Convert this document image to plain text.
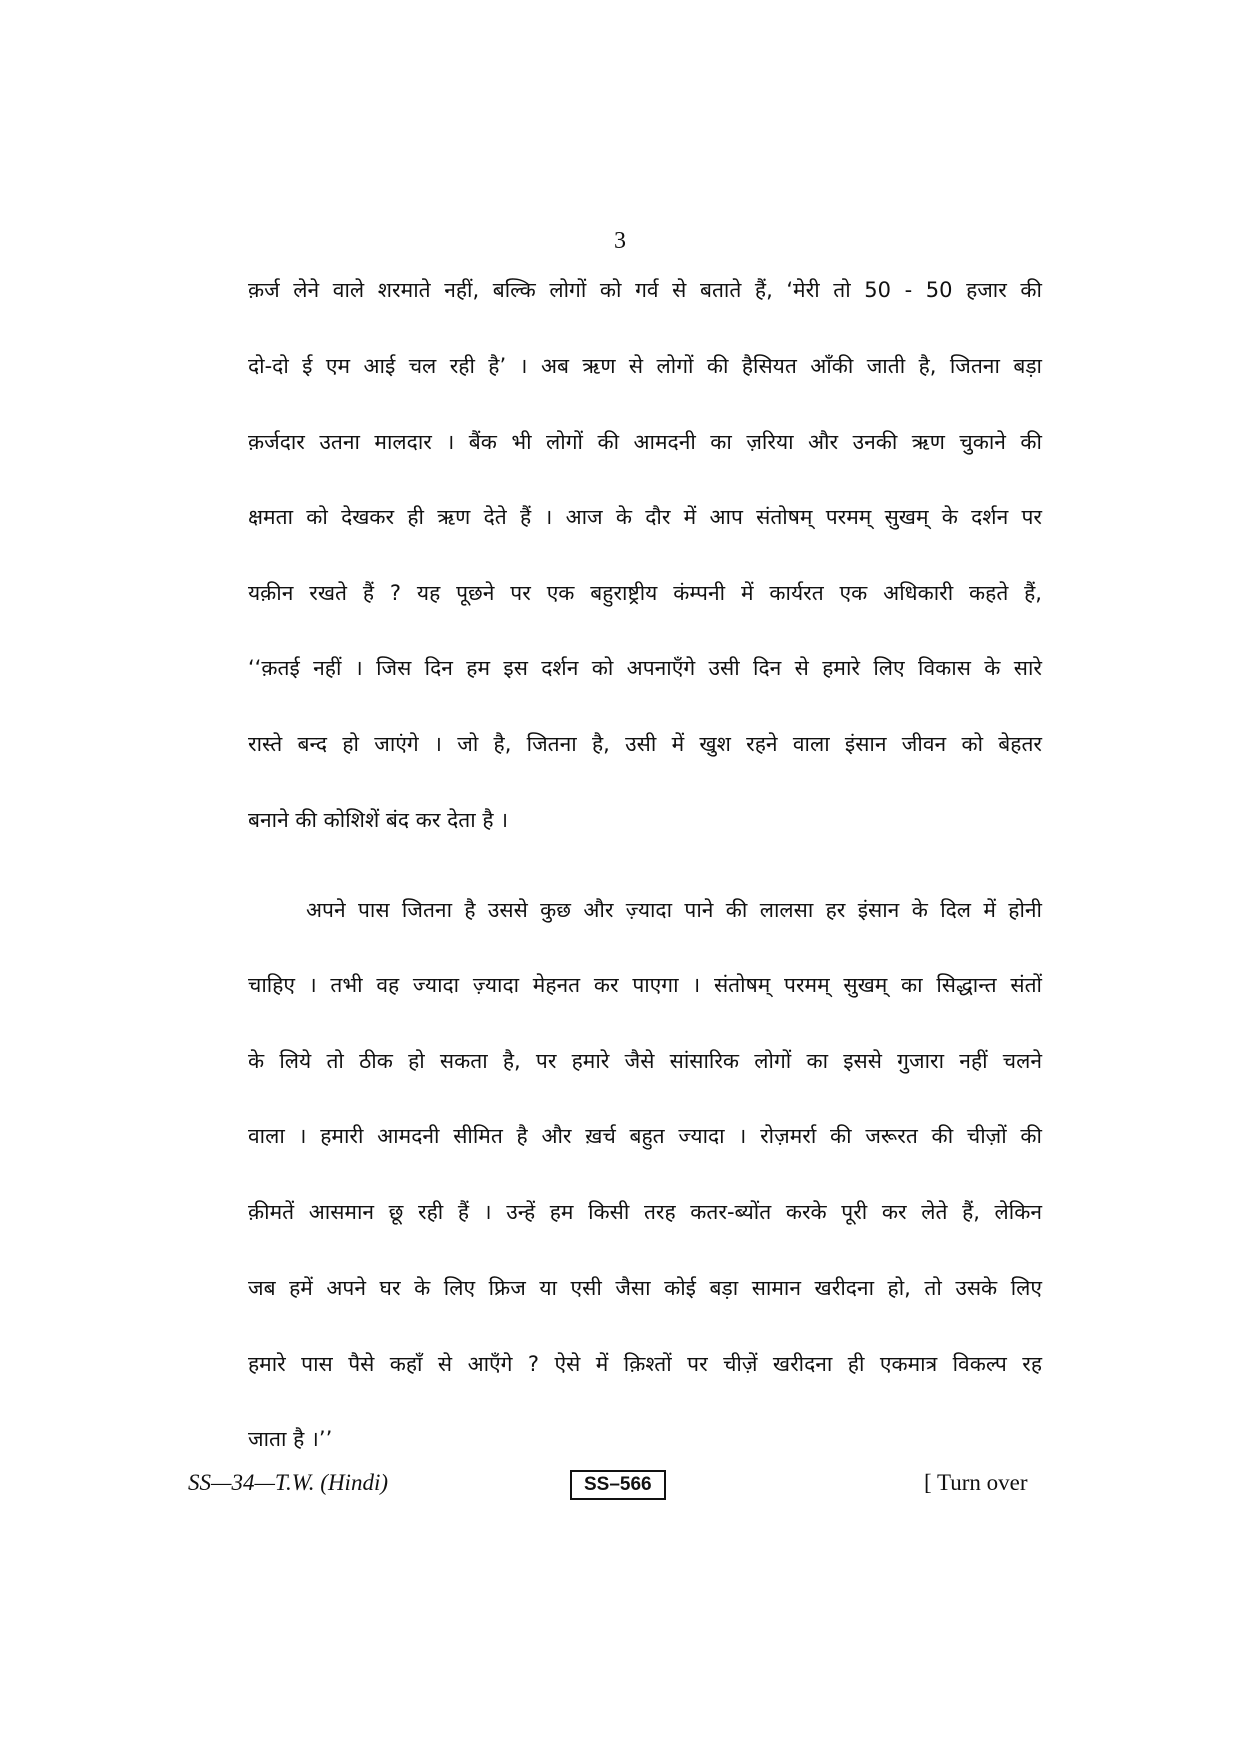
3
क़र्ज लेने वाले शरमाते नहीं, बल्कि लोगों को गर्व से बताते हैं, ‘मेरी तो 50 - 50 हजार की
दो-दो ई एम आई चल रही है’ । अब ऋण से लोगों की हैसियत आँकी जाती है, जितना बड़ा
क़र्जदार उतना मालदार । बैंक भी लोगों की आमदनी का ज़रिया और उनकी ऋण चुकाने की
क्षमता को देखकर ही ऋण देते हैं । आज के दौर में आप संतोषम् परमम् सुखम् के दर्शन पर
यक़ीन रखते हैं ? यह पूछने पर एक बहुराष्ट्रीय कंम्पनी में कार्यरत एक अधिकारी कहते हैं,
‘‘क़तई नहीं । जिस दिन हम इस दर्शन को अपनाएँगे उसी दिन से हमारे लिए विकास के सारे
रास्ते बन्द हो जाएंगे । जो है, जितना है, उसी में खुश रहने वाला इंसान जीवन को बेहतर
बनाने की कोशिशें बंद कर देता है ।
अपने पास जितना है उससे कुछ और ज़्यादा पाने की लालसा हर इंसान के दिल में होनी
चाहिए । तभी वह ज्यादा ज़्यादा मेहनत कर पाएगा । संतोषम् परमम् सुखम् का सिद्धान्त संतों
के लिये तो ठीक हो सकता है, पर हमारे जैसे सांसारिक लोगों का इससे गुजारा नहीं चलने
वाला । हमारी आमदनी सीमित है और ख़र्च बहुत ज्यादा । रोज़मर्रा की जरूरत की चीज़ों की
क़ीमतें आसमान छू रही हैं । उन्हें हम किसी तरह कतर-ब्योंत करके पूरी कर लेते हैं, लेकिन
जब हमें अपने घर के लिए फ्रिज या एसी जैसा कोई बड़ा सामान खरीदना हो, तो उसके लिए
हमारे पास पैसे कहाँ से आएँगे ? ऐसे में क़िश्तों पर चीज़ें खरीदना ही एकमात्र विकल्प रह
जाता है ।’’
SS—34—T.W. (Hindi)	SS–566	[ Turn over
